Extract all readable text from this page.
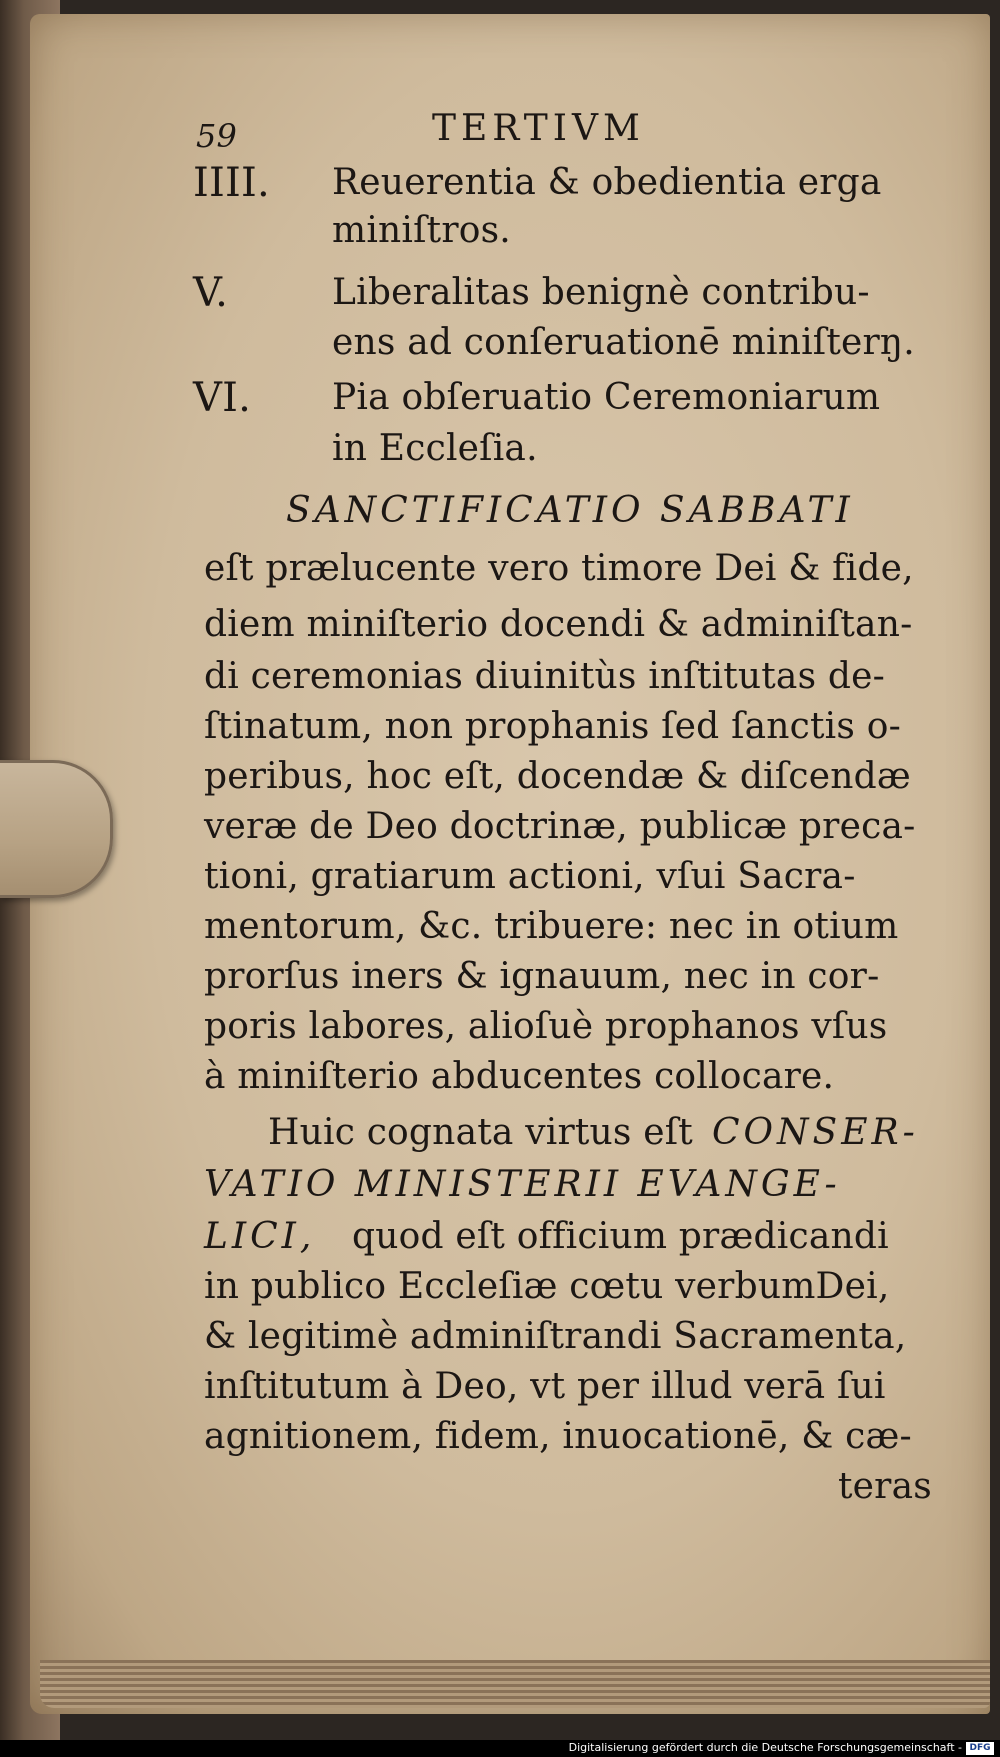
59	TERTIVM
IIII. Reuerentia & obedientia erga
miniſtros.
V.	Liberalitas benignè contribu-
ens ad conſeruationē miniſterŋ.
VI. Pia obſeruatio Ceremoniarum
in Eccleſia.
SANCTIFICATIO SABBATI
eſt prælucente vero timore Dei & fide,
diem miniſterio docendi & adminiſtan-
di ceremonias diuinitùs inſtitutas de-
ſtinatum, non prophanis ſed ſanctis o-
peribus, hoc eſt, docendæ & diſcendæ
veræ de Deo doctrinæ, publicæ preca-
tioni, gratiarum actioni, vſui Sacra-
mentorum, &c. tribuere: nec in otium
prorſus iners & ignauum, nec in cor-
poris labores, alioſuè prophanos vſus
à miniſterio abducentes collocare.
Huic cognata virtus eſt CONSER-
VATIO MINISTERII EVANGE-
LICI, quod eſt officium prædicandi
in publico Eccleſiæ cœtu verbumDei,
& legitimè adminiſtrandi Sacramenta,
inſtitutum à Deo, vt per illud verā ſui
agnitionem, fidem, inuocationē, & cæ-
teras
Digitalisierung gefördert durch die Deutsche Forschungsgemeinschaft - DFG
